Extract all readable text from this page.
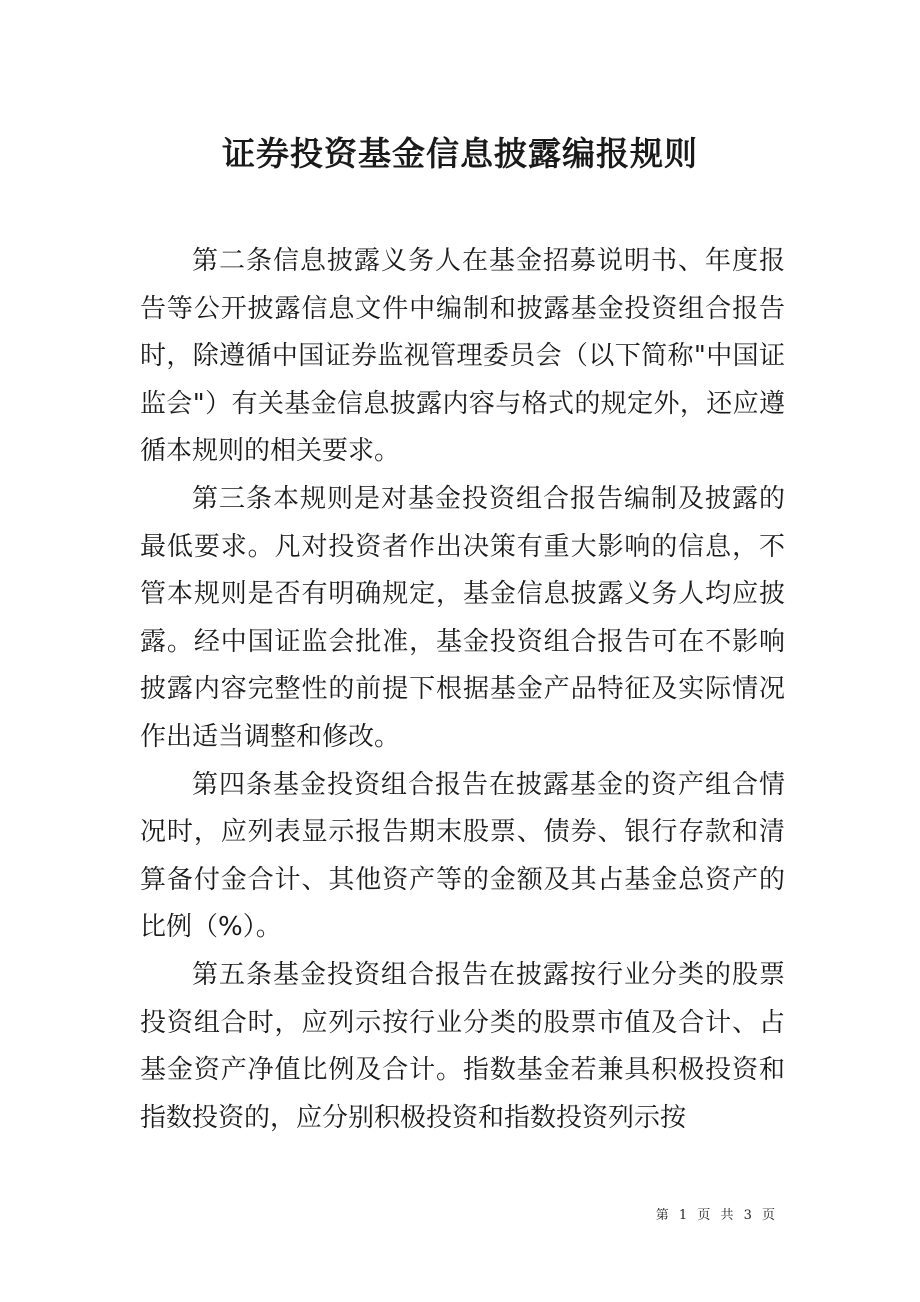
证券投资基金信息披露编报规则

第二条信息披露义务人在基金招募说明书、年度报告等公开披露信息文件中编制和披露基金投资组合报告时，除遵循中国证券监视管理委员会（以下简称"中国证监会"）有关基金信息披露内容与格式的规定外，还应遵循本规则的相关要求。

第三条本规则是对基金投资组合报告编制及披露的最低要求。凡对投资者作出决策有重大影响的信息，不管本规则是否有明确规定，基金信息披露义务人均应披露。经中国证监会批准，基金投资组合报告可在不影响披露内容完整性的前提下根据基金产品特征及实际情况作出适当调整和修改。

第四条基金投资组合报告在披露基金的资产组合情况时，应列表显示报告期末股票、债券、银行存款和清算备付金合计、其他资产等的金额及其占基金总资产的比例（%）。

第五条基金投资组合报告在披露按行业分类的股票投资组合时，应列示按行业分类的股票市值及合计、占基金资产净值比例及合计。指数基金若兼具积极投资和指数投资的，应分别积极投资和指数投资列示按

第 1 页 共 3 页
